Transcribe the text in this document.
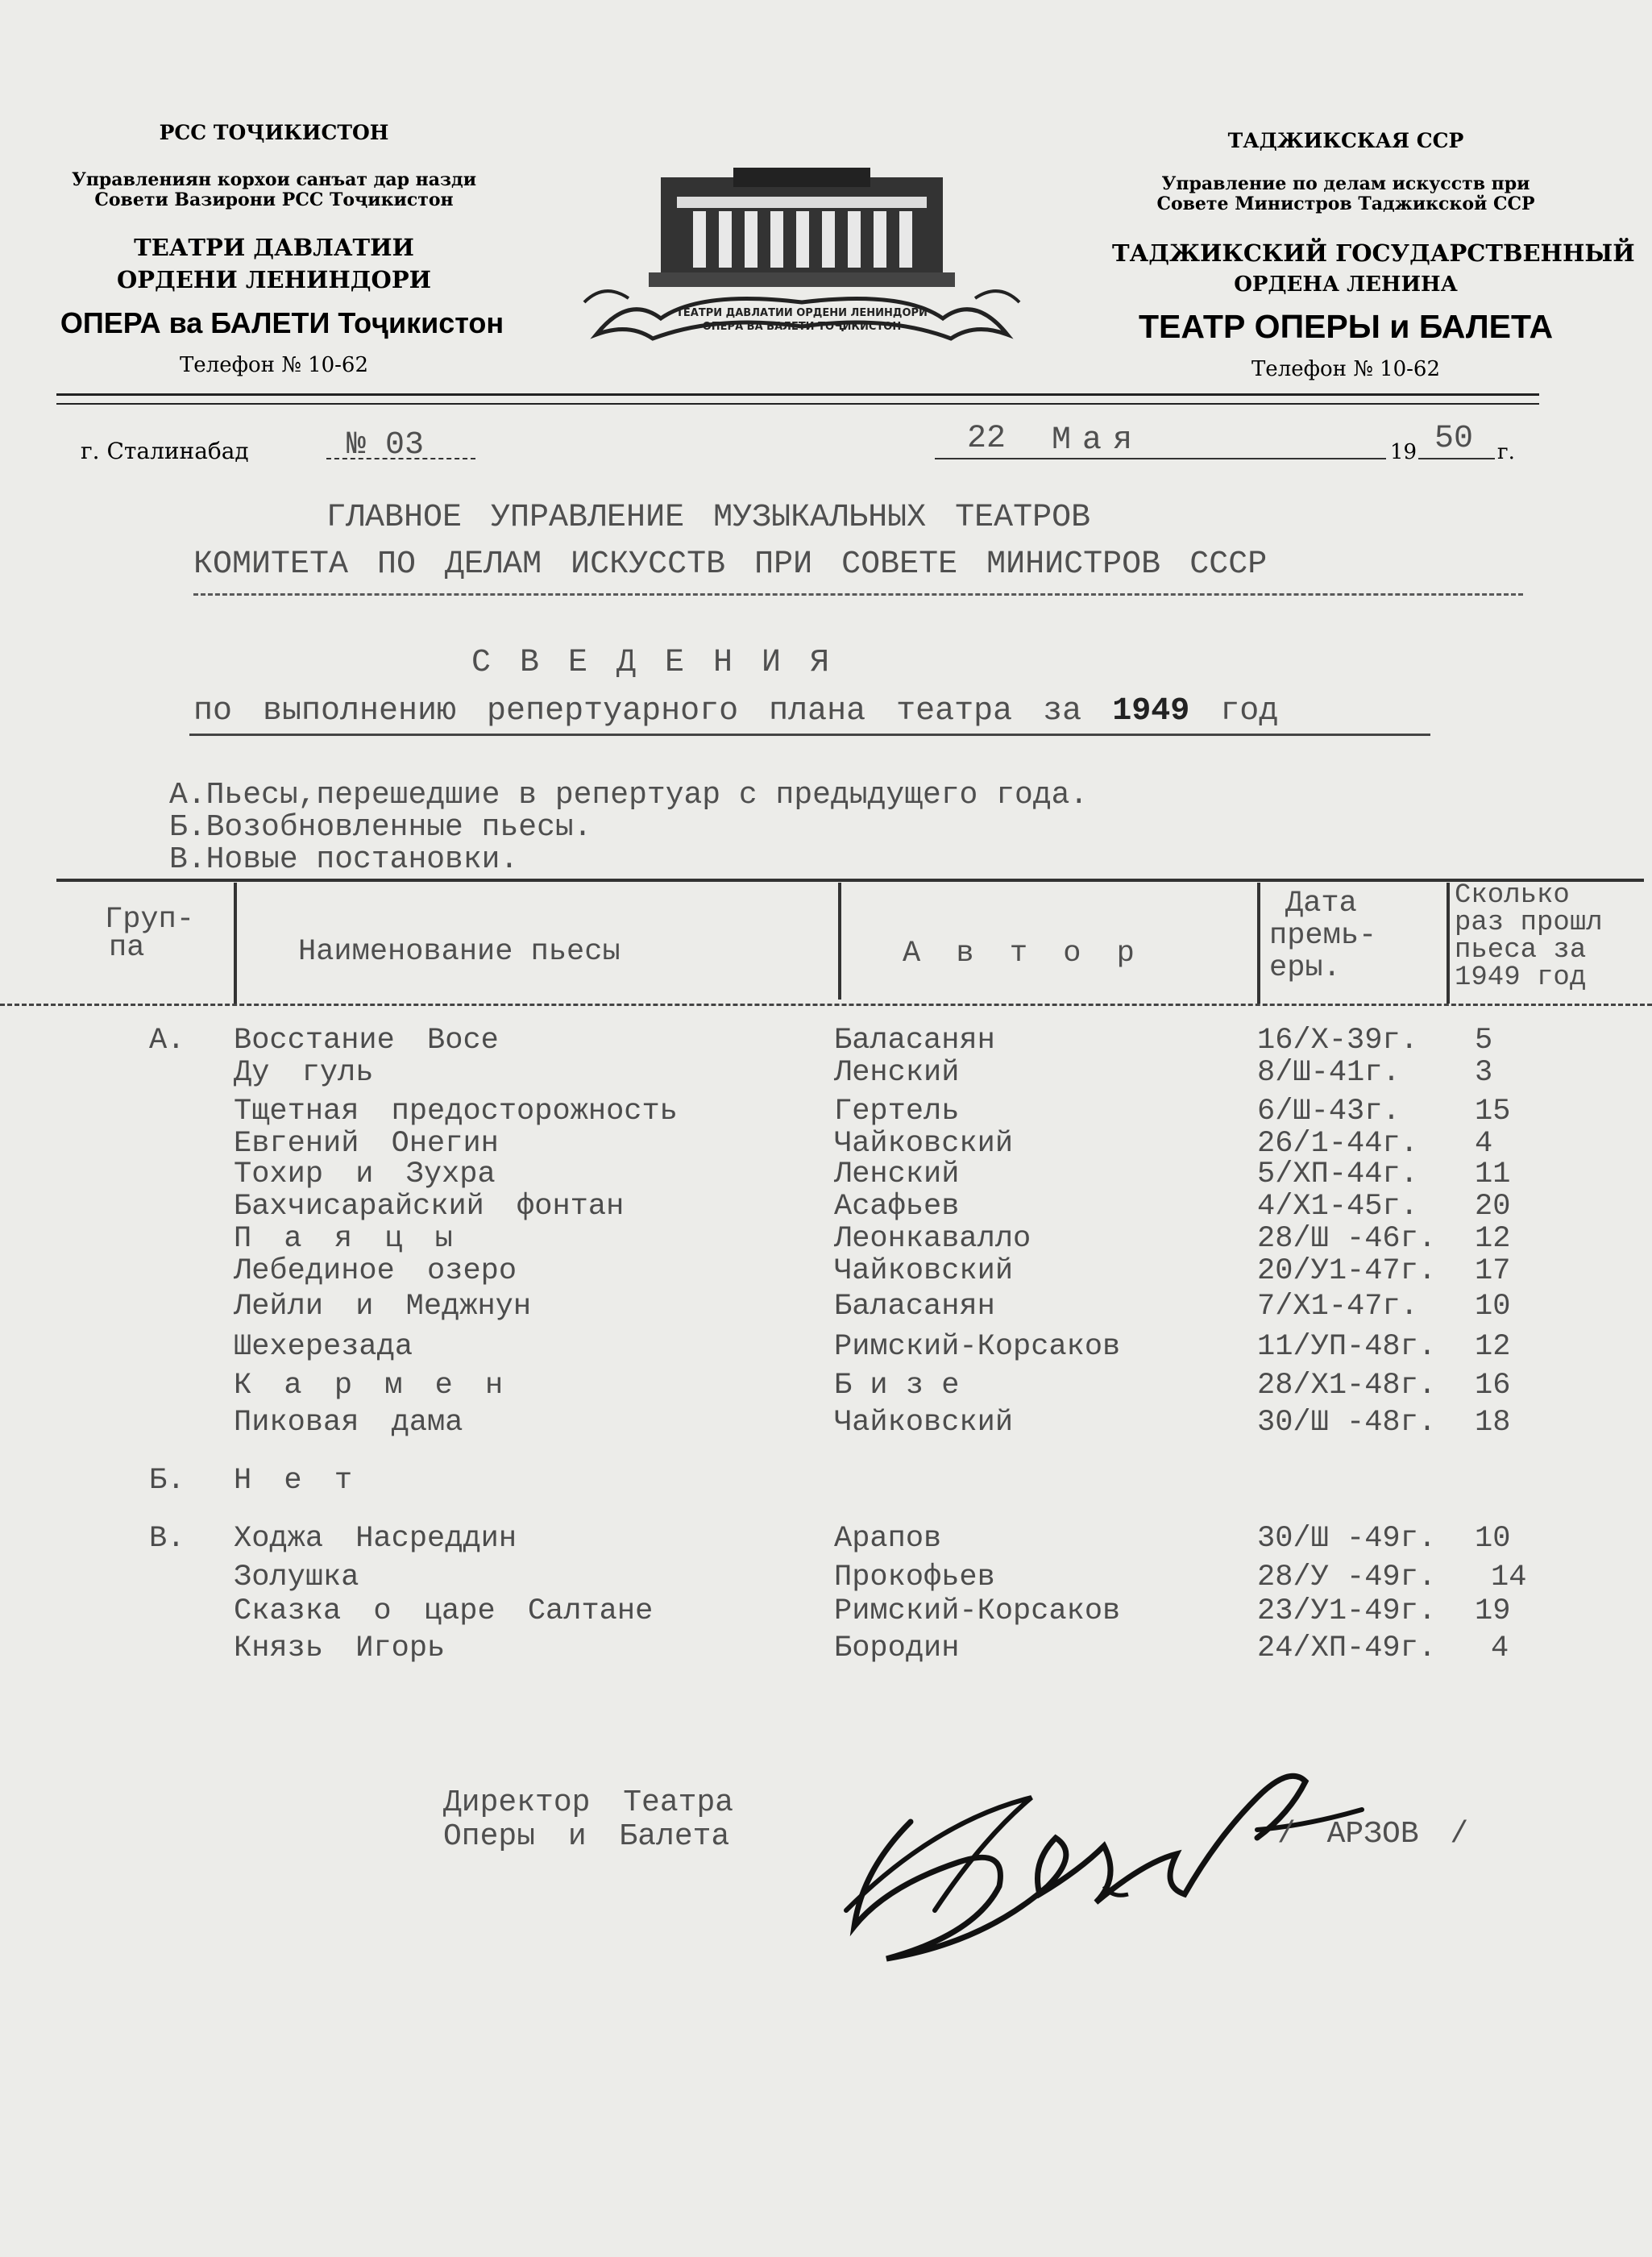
РСС ТОҶИКИСТОН
Управлениян корхои санъат дар назди
Совети Вазирони РСС Тоҷикистон
ТЕАТРИ ДАВЛАТИИ
ОРДЕНИ ЛЕНИНДОРИ
ОПЕРА ва БАЛЕТИ Тоҷикистон
Телефон № 10-62
ТЕАТРИ ДАВЛАТИИ ОРДЕНИ ЛЕНИНДОРИ
ОПЕРА ВА БАЛЕТИ ТОҶИКИСТОН
ТАДЖИКСКАЯ ССР
Управление по делам искусств при
Совете Министров Таджикской ССР
ТАДЖИКСКИЙ ГОСУДАРСТВЕННЫЙ
ОРДЕНА ЛЕНИНА
ТЕАТР ОПЕРЫ и БАЛЕТА
Телефон № 10-62
г. Сталинабад	№ 03	22 Мая	19 50 г.
ГЛАВНОЕ УПРАВЛЕНИЕ МУЗЫКАЛЬНЫХ ТЕАТРОВ
КОМИТЕТА ПО ДЕЛАМ ИСКУССТВ ПРИ СОВЕТЕ МИНИСТРОВ СССР
С В Е Д Е Н И Я
по выполнению репертуарного плана театра за 1949 год
А.Пьесы,перешедшие в репертуар с предыдущего года.
Б.Возобновленные пьесы.
В.Новые постановки.
Груп-
па	Наименование пьесы	А в т о р
Дата
премь-
еры.
Сколько
раз прошл
пьеса за
1949 год
А. Восстание Восе	Баласанян	16/Х-39г. 5
Ду гуль	Ленский	8/Ш-41г. 3
Тщетная предосторожность	Гертель	6/Ш-43г. 15
Евгений Онегин	Чайковский	26/1-44г. 4
Тохир и Зухра	Ленский	5/ХП-44г. 11
Бахчисарайский фонтан	Асафьев	4/Х1-45г. 20
П а я ц ы	Леонкавалло	28/Ш -46г. 12
Лебединое озеро	Чайковский	20/У1-47г. 17
Лейли и Меджнун	Баласанян	7/Х1-47г. 10
Шехерезада	Римский-Корсаков	11/УП-48г. 12
К а р м е н	Б и з е	28/Х1-48г. 16
Пиковая дама	Чайковский	30/Ш -48г. 18
Б. Н е т
В. Ходжа Насреддин	Арапов	30/Ш -49г. 10
Золушка	Прокофьев	28/У -49г. 14
Сказка о царе Салтане	Римский-Корсаков	23/У1-49г. 19
Князь Игорь	Бородин	24/ХП-49г. 4
Директор Театра
Оперы и Балета	/ АРЗОВ /
